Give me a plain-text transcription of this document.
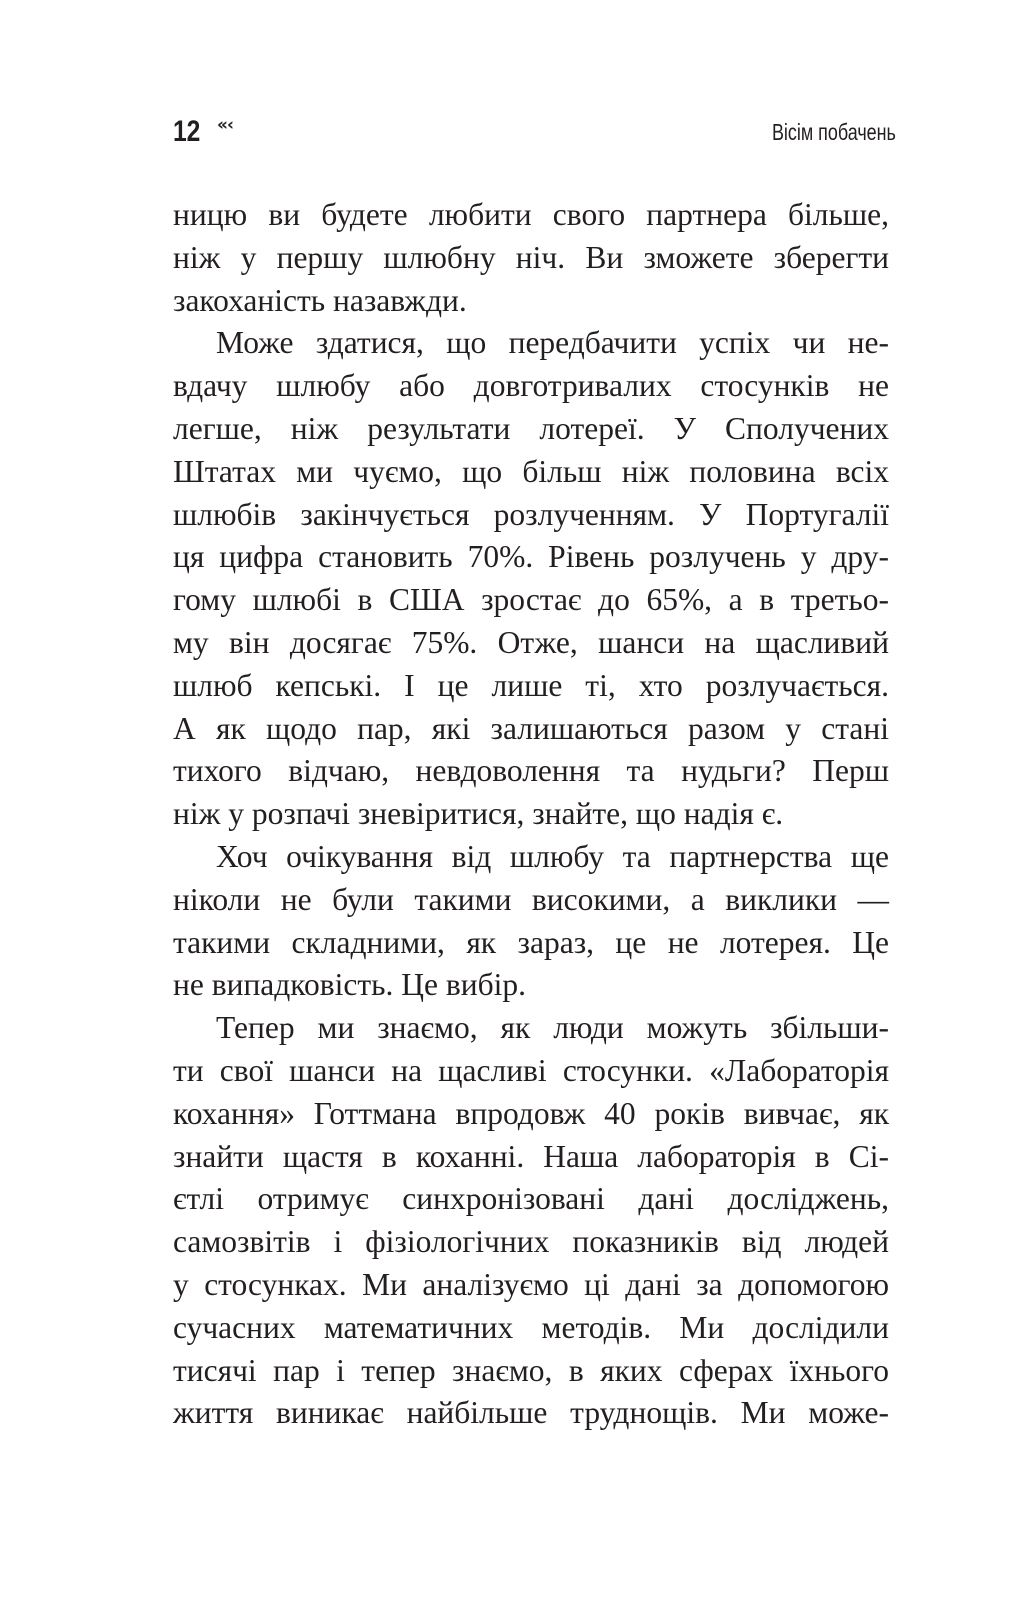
12 «‹	Вісім побачень
ницю ви будете любити свого партнера більше,
ніж у першу шлюбну ніч. Ви зможете зберегти
закоханість назавжди.
Може здатися, що передбачити успіх чи не-
вдачу шлюбу або довготривалих стосунків не
легше, ніж результати лотереї. У Сполучених
Штатах ми чуємо, що більш ніж половина всіх
шлюбів закінчується розлученням. У Португалії
ця цифра становить 70%. Рівень розлучень у дру-
гому шлюбі в США зростає до 65%, а в третьо-
му він досягає 75%. Отже, шанси на щасливий
шлюб кепські. І це лише ті, хто розлучається.
А як щодо пар, які залишаються разом у стані
тихого відчаю, невдоволення та нудьги? Перш
ніж у розпачі зневіритися, знайте, що надія є.
Хоч очікування від шлюбу та партнерства ще
ніколи не були такими високими, а виклики —
такими складними, як зараз, це не лотерея. Це
не випадковість. Це вибір.
Тепер ми знаємо, як люди можуть збільши-
ти свої шанси на щасливі стосунки. «Лабораторія
кохання» Готтмана впродовж 40 років вивчає, як
знайти щастя в коханні. Наша лабораторія в Сі-
єтлі отримує синхронізовані дані досліджень,
самозвітів і фізіологічних показників від людей
у стосунках. Ми аналізуємо ці дані за допомогою
сучасних математичних методів. Ми дослідили
тисячі пар і тепер знаємо, в яких сферах їхнього
життя виникає найбільше труднощів. Ми може-
